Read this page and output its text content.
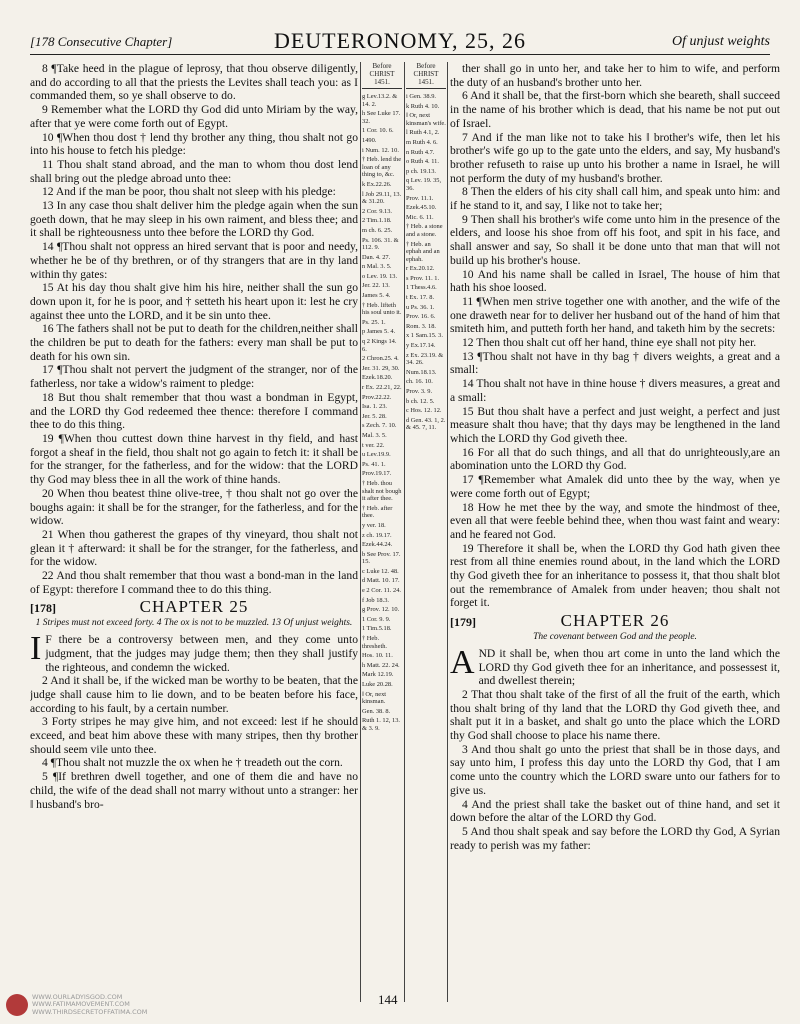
[178 Consecutive Chapter]	DEUTERONOMY, 25, 26	Of unjust weights

8 ¶Take heed in the plague of leprosy, that thou observe diligently, and do according to all that the priests the Levites shall teach you: as I commanded them, so ye shall observe to do.

9 Remember what the LORD thy God did unto Miriam by the way, after that ye were come forth out of Egypt.

10 ¶When thou dost † lend thy brother any thing, thou shalt not go into his house to fetch his pledge:

11 Thou shalt stand abroad, and the man to whom thou dost lend shall bring out the pledge abroad unto thee:

12 And if the man be poor, thou shalt not sleep with his pledge:

13 In any case thou shalt deliver him the pledge again when the sun goeth down, that he may sleep in his own raiment, and bless thee; and it shall be righteousness unto thee before the LORD thy God.

14 ¶Thou shalt not oppress an hired servant that is poor and needy, whether he be of thy brethren, or of thy strangers that are in thy land within thy gates:

15 At his day thou shalt give him his hire, neither shall the sun go down upon it, for he is poor, and † setteth his heart upon it: lest he cry against thee unto the LORD, and it be sin unto thee.

16 The fathers shall not be put to death for the children,neither shall the children be put to death for the fathers: every man shall be put to death for his own sin.

17 ¶Thou shalt not pervert the judgment of the stranger, nor of the fatherless, nor take a widow's raiment to pledge:

18 But thou shalt remember that thou wast a bondman in Egypt, and the LORD thy God redeemed thee thence: therefore I command thee to do this thing.

19 ¶When thou cuttest down thine harvest in thy field, and hast forgot a sheaf in the field, thou shalt not go again to fetch it: it shall be for the stranger, for the fatherless, and for the widow: that the LORD thy God may bless thee in all the work of thine hands.

20 When thou beatest thine olive-tree, † thou shalt not go over the boughs again: it shall be for the stranger, for the fatherless, and for the widow.

21 When thou gatherest the grapes of thy vineyard, thou shalt not glean it † afterward: it shall be for the stranger, for the fatherless, and for the widow.

22 And thou shalt remember that thou wast a bond-man in the land of Egypt: therefore I command thee to do this thing.

[178]	CHAPTER 25
1 Stripes must not exceed forty. 4 The ox is not to be muzzled. 13 Of unjust weights.

I F there be a controversy between men, and they come unto judgment, that the judges may judge them; then they shall justify the righteous, and condemn the wicked.

2 And it shall be, if the wicked man be worthy to be beaten, that the judge shall cause him to lie down, and to be beaten before his face, according to his fault, by a certain number.

3 Forty stripes he may give him, and not exceed: lest if he should exceed, and beat him above these with many stripes, then thy brother should seem vile unto thee.

4 ¶Thou shalt not muzzle the ox when he † treadeth out the corn.

5 ¶If brethren dwell together, and one of them die and have no child, the wife of the dead shall not marry without unto a stranger: her ‖ husband's bro-

Before CHRIST 1451.
g Lev.13.2. & 14. 2.
h See Luke 17. 32.
1 Cor. 10. 6.
1490.
i Num. 12. 10.
† Heb. lend the loan of any thing to, &c.
k Ex.22.26.
l Job 29.11, 13. & 31.20.
2 Cor. 9.13.
2 Tim.1.18.
m ch. 6. 25.
Ps. 106. 31. & 112. 9.
Dan. 4. 27.
n Mal. 3. 5.
o Lev. 19. 13.
Jer. 22. 13.
James 5. 4.
† Heb. lifteth his soul unto it.
Ps. 25. 1.
p James 5. 4.
q 2 Kings 14. 6.
2 Chron.25. 4.
Jer. 31. 29, 30.
Ezek.18.20.
r Ex. 22.21, 22.
Prov.22.22.
Isa. 1. 23.
Jer. 5. 28.
s Zech. 7. 10.
Mal. 3. 5.
t ver. 22.
u Lev.19.9.
Ps. 41. 1.
Prov.19.17.
† Heb. thou shalt not bough it after thee.
† Heb. after thee.
y ver. 18.
z ch. 19.17.
Ezek.44.24.
b See Prov. 17. 15.
c Luke 12. 48.
d Matt. 10. 17.
e 2 Cor. 11. 24.
f Job 18.3.
g Prov. 12. 10.
1 Cor. 9. 9.
1 Tim.5.18.
† Heb. thresheth.
Hos. 10. 11.
h Matt. 22. 24.
Mark 12.19.
Luke 20.28.
‖ Or, next kinsman.
Gen. 38. 8.
Ruth 1. 12, 13. & 3. 9.
Before CHRIST 1451.
i Gen. 38.9.
k Ruth 4. 10.
‖ Or, next kinsman's wife.
l Ruth 4.1, 2.
m Ruth 4. 6.
n Ruth 4.7.
o Ruth 4. 11.
p ch. 19.13.
q Lev. 19. 35, 36.
Prov. 11.1.
Ezek.45.10.
Mic. 6. 11.
† Heb. a stone and a stone.
† Heb. an ephah and an ephah.
r Ex.20.12.
s Prov. 11. 1.
1 Thess.4.6.
t Ex. 17. 8.
u Ps. 36. 1.
Prov. 16. 6.
Rom. 3. 18.
x 1 Sam.15. 3.
y Ex.17.14.
z Ex. 23.19. & 34. 26.
Num.18.13.
ch. 16. 10.
Prov. 3. 9.
b ch. 12. 5.
c Hos. 12. 12.
d Gen. 43. 1, 2. & 45. 7, 11.

ther shall go in unto her, and take her to him to wife, and perform the duty of an husband's brother unto her.

6 And it shall be, that the first-born which she beareth, shall succeed in the name of his brother which is dead, that his name be not put out of Israel.

7 And if the man like not to take his ‖ brother's wife, then let his brother's wife go up to the gate unto the elders, and say, My husband's brother refuseth to raise up unto his brother a name in Israel, he will not perform the duty of my husband's brother.

8 Then the elders of his city shall call him, and speak unto him: and if he stand to it, and say, I like not to take her;

9 Then shall his brother's wife come unto him in the presence of the elders, and loose his shoe from off his foot, and spit in his face, and shall answer and say, So shall it be done unto that man that will not build up his brother's house.

10 And his name shall be called in Israel, The house of him that hath his shoe loosed.

11 ¶When men strive together one with another, and the wife of the one draweth near for to deliver her husband out of the hand of him that smiteth him, and putteth forth her hand, and taketh him by the secrets:

12 Then thou shalt cut off her hand, thine eye shall not pity her.

13 ¶Thou shalt not have in thy bag † divers weights, a great and a small:

14 Thou shalt not have in thine house † divers measures, a great and a small:

15 But thou shalt have a perfect and just weight, a perfect and just measure shalt thou have; that thy days may be lengthened in the land which the LORD thy God giveth thee.

16 For all that do such things, and all that do unrighteously,are an abomination unto the LORD thy God.

17 ¶Remember what Amalek did unto thee by the way, when ye were come forth out of Egypt;

18 How he met thee by the way, and smote the hindmost of thee, even all that were feeble behind thee, when thou wast faint and weary: and he feared not God.

19 Therefore it shall be, when the LORD thy God hath given thee rest from all thine enemies round about, in the land which the LORD thy God giveth thee for an inheritance to possess it, that thou shalt blot out the remembrance of Amalek from under heaven; thou shalt not forget it.

[179]	CHAPTER 26
The covenant between God and the people.

AND it shall be, when thou art come in unto the land which the LORD thy God giveth thee for an inheritance, and possessest it, and dwellest therein;

2 That thou shalt take of the first of all the fruit of the earth, which thou shalt bring of thy land that the LORD thy God giveth thee, and shalt put it in a basket, and shalt go unto the place which the LORD thy God shall choose to place his name there.

3 And thou shalt go unto the priest that shall be in those days, and say unto him, I profess this day unto the LORD thy God, that I am come unto the country which the LORD sware unto our fathers for to give us.

4 And the priest shall take the basket out of thine hand, and set it down before the altar of the LORD thy God.

5 And thou shalt speak and say before the LORD thy God, A Syrian ready to perish was my father:

WWW.OURLADYISGOD.COM
WWW.FATIMAMOVEMENT.COM
WWW.THIRDSECRETOFFATIMA.COM
144
